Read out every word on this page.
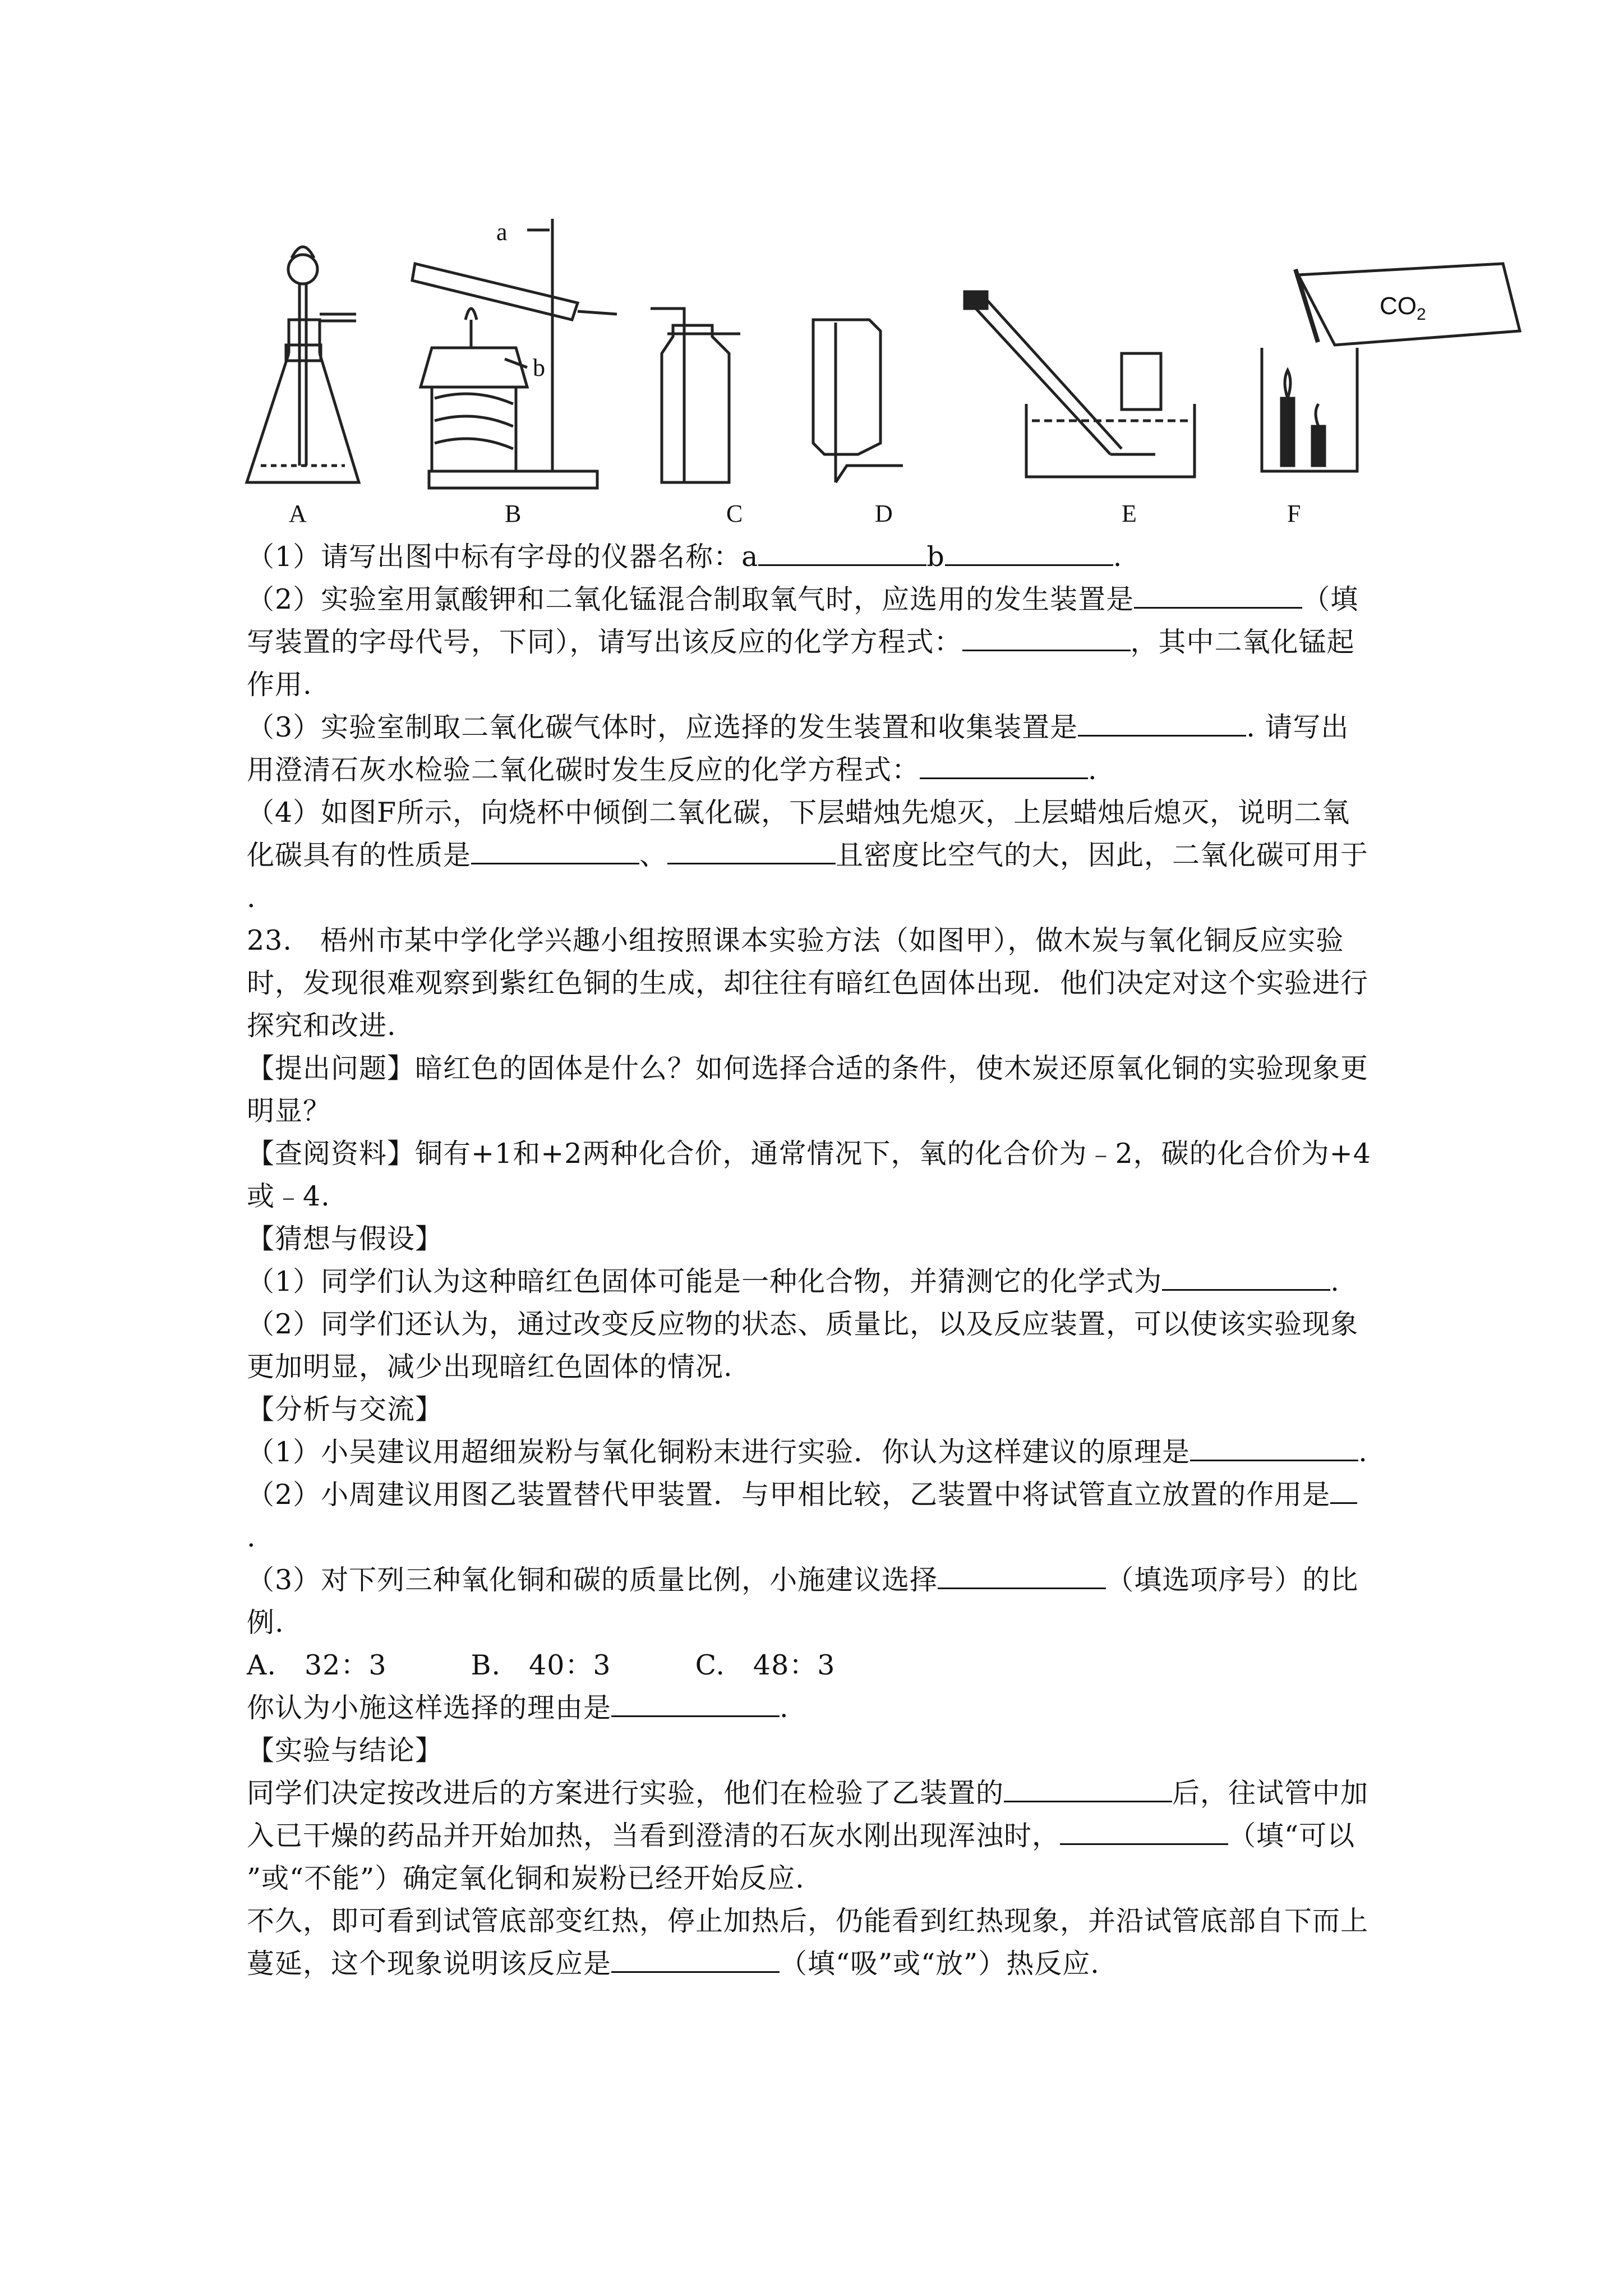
a
b
$CO_2$
A	B	C	D	E	F
（1）请写出图中标有字母的仪器名称：a	b	.
（2）实验室用氯酸钾和二氧化锰混合制取氧气时，应选用的发生装置是	（填
写装置的字母代号，下同），请写出该反应的化学方程式：	，其中二氧化锰起
作用.
（3）实验室制取二氧化碳气体时，应选择的发生装置和收集装置是	. 请写出
用澄清石灰水检验二氧化碳时发生反应的化学方程式：	.
（4）如图F所示，向烧杯中倾倒二氧化碳，下层蜡烛先熄灭，上层蜡烛后熄灭，说明二氧
化碳具有的性质是	、	且密度比空气的大，因此，二氧化碳可用于
.
23.　梧州市某中学化学兴趣小组按照课本实验方法（如图甲），做木炭与氧化铜反应实验
时，发现很难观察到紫红色铜的生成，却往往有暗红色固体出现．他们决定对这个实验进行
探究和改进.
【提出问题】暗红色的固体是什么？如何选择合适的条件，使木炭还原氧化铜的实验现象更
明显？
【查阅资料】铜有+1和+2两种化合价，通常情况下，氧的化合价为﹣2，碳的化合价为+4
或﹣4.
【猜想与假设】
（1）同学们认为这种暗红色固体可能是一种化合物，并猜测它的化学式为	.
（2）同学们还认为，通过改变反应物的状态、质量比，以及反应装置，可以使该实验现象
更加明显，减少出现暗红色固体的情况.
【分析与交流】
（1）小吴建议用超细炭粉与氧化铜粉末进行实验．你认为这样建议的原理是	.
（2）小周建议用图乙装置替代甲装置．与甲相比较，乙装置中将试管直立放置的作用是
.
（3）对下列三种氧化铜和碳的质量比例，小施建议选择	（填选项序号）的比
例.
A.　32：3　　　B.　40：3　　　C.　48：3
你认为小施这样选择的理由是	.
【实验与结论】
同学们决定按改进后的方案进行实验，他们在检验了乙装置的	后，往试管中加
入已干燥的药品并开始加热，当看到澄清的石灰水刚出现浑浊时，	（填“可以
”或“不能”）确定氧化铜和炭粉已经开始反应.
不久，即可看到试管底部变红热，停止加热后，仍能看到红热现象，并沿试管底部自下而上
蔓延，这个现象说明该反应是	（填“吸”或“放”）热反应.
